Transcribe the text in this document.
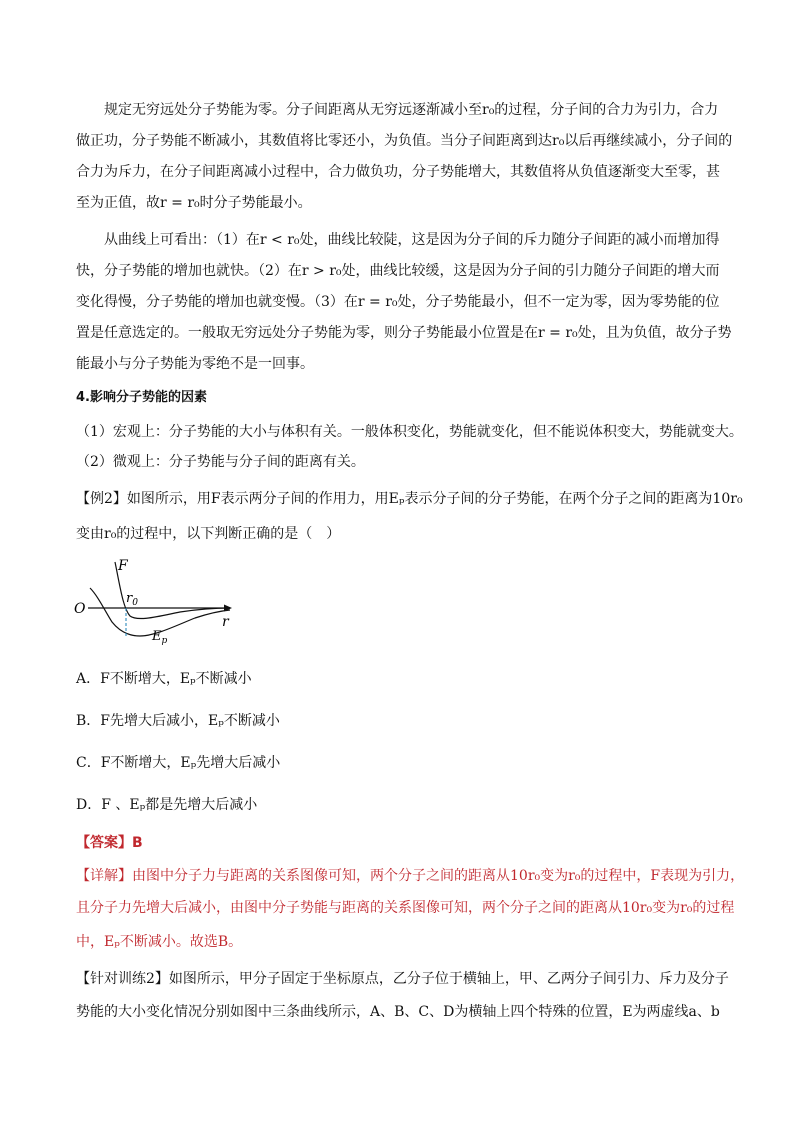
规定无穷远处分子势能为零。分子间距离从无穷远逐渐减小至r₀的过程，分子间的合力为引力，合力
做正功，分子势能不断减小，其数值将比零还小，为负值。当分子间距离到达r₀以后再继续减小，分子间的
合力为斥力，在分子间距离减小过程中，合力做负功，分子势能增大，其数值将从负值逐渐变大至零，甚
至为正值，故r = r₀时分子势能最小。
从曲线上可看出：（1）在r < r₀处，曲线比较陡，这是因为分子间的斥力随分子间距的减小而增加得
快，分子势能的增加也就快。（2）在r > r₀处，曲线比较缓，这是因为分子间的引力随分子间距的增大而
变化得慢，分子势能的增加也就变慢。（3）在r = r₀处，分子势能最小，但不一定为零，因为零势能的位
置是任意选定的。一般取无穷远处分子势能为零，则分子势能最小位置是在r = r₀处，且为负值，故分子势
能最小与分子势能为零绝不是一回事。
4.影响分子势能的因素
（1）宏观上：分子势能的大小与体积有关。一般体积变化，势能就变化，但不能说体积变大，势能就变大。
（2）微观上：分子势能与分子间的距离有关。
【例2】如图所示，用F表示两分子间的作用力，用Eₚ表示分子间的分子势能，在两个分子之间的距离为10r₀
变由r₀的过程中，以下判断正确的是（　）
O
r
F
$r_0$
$E_p$
A．F不断增大，Eₚ不断减小
B．F先增大后减小，Eₚ不断减小
C．F不断增大，Eₚ先增大后减小
D．F 、Eₚ都是先增大后减小
【答案】B
【详解】由图中分子力与距离的关系图像可知，两个分子之间的距离从10r₀变为r₀的过程中，F表现为引力，
且分子力先增大后减小，由图中分子势能与距离的关系图像可知，两个分子之间的距离从10r₀变为r₀的过程
中，Eₚ不断减小。故选B。
【针对训练2】如图所示，甲分子固定于坐标原点，乙分子位于横轴上，甲、乙两分子间引力、斥力及分子
势能的大小变化情况分别如图中三条曲线所示，A、B、C、D为横轴上四个特殊的位置，E为两虚线a、b
